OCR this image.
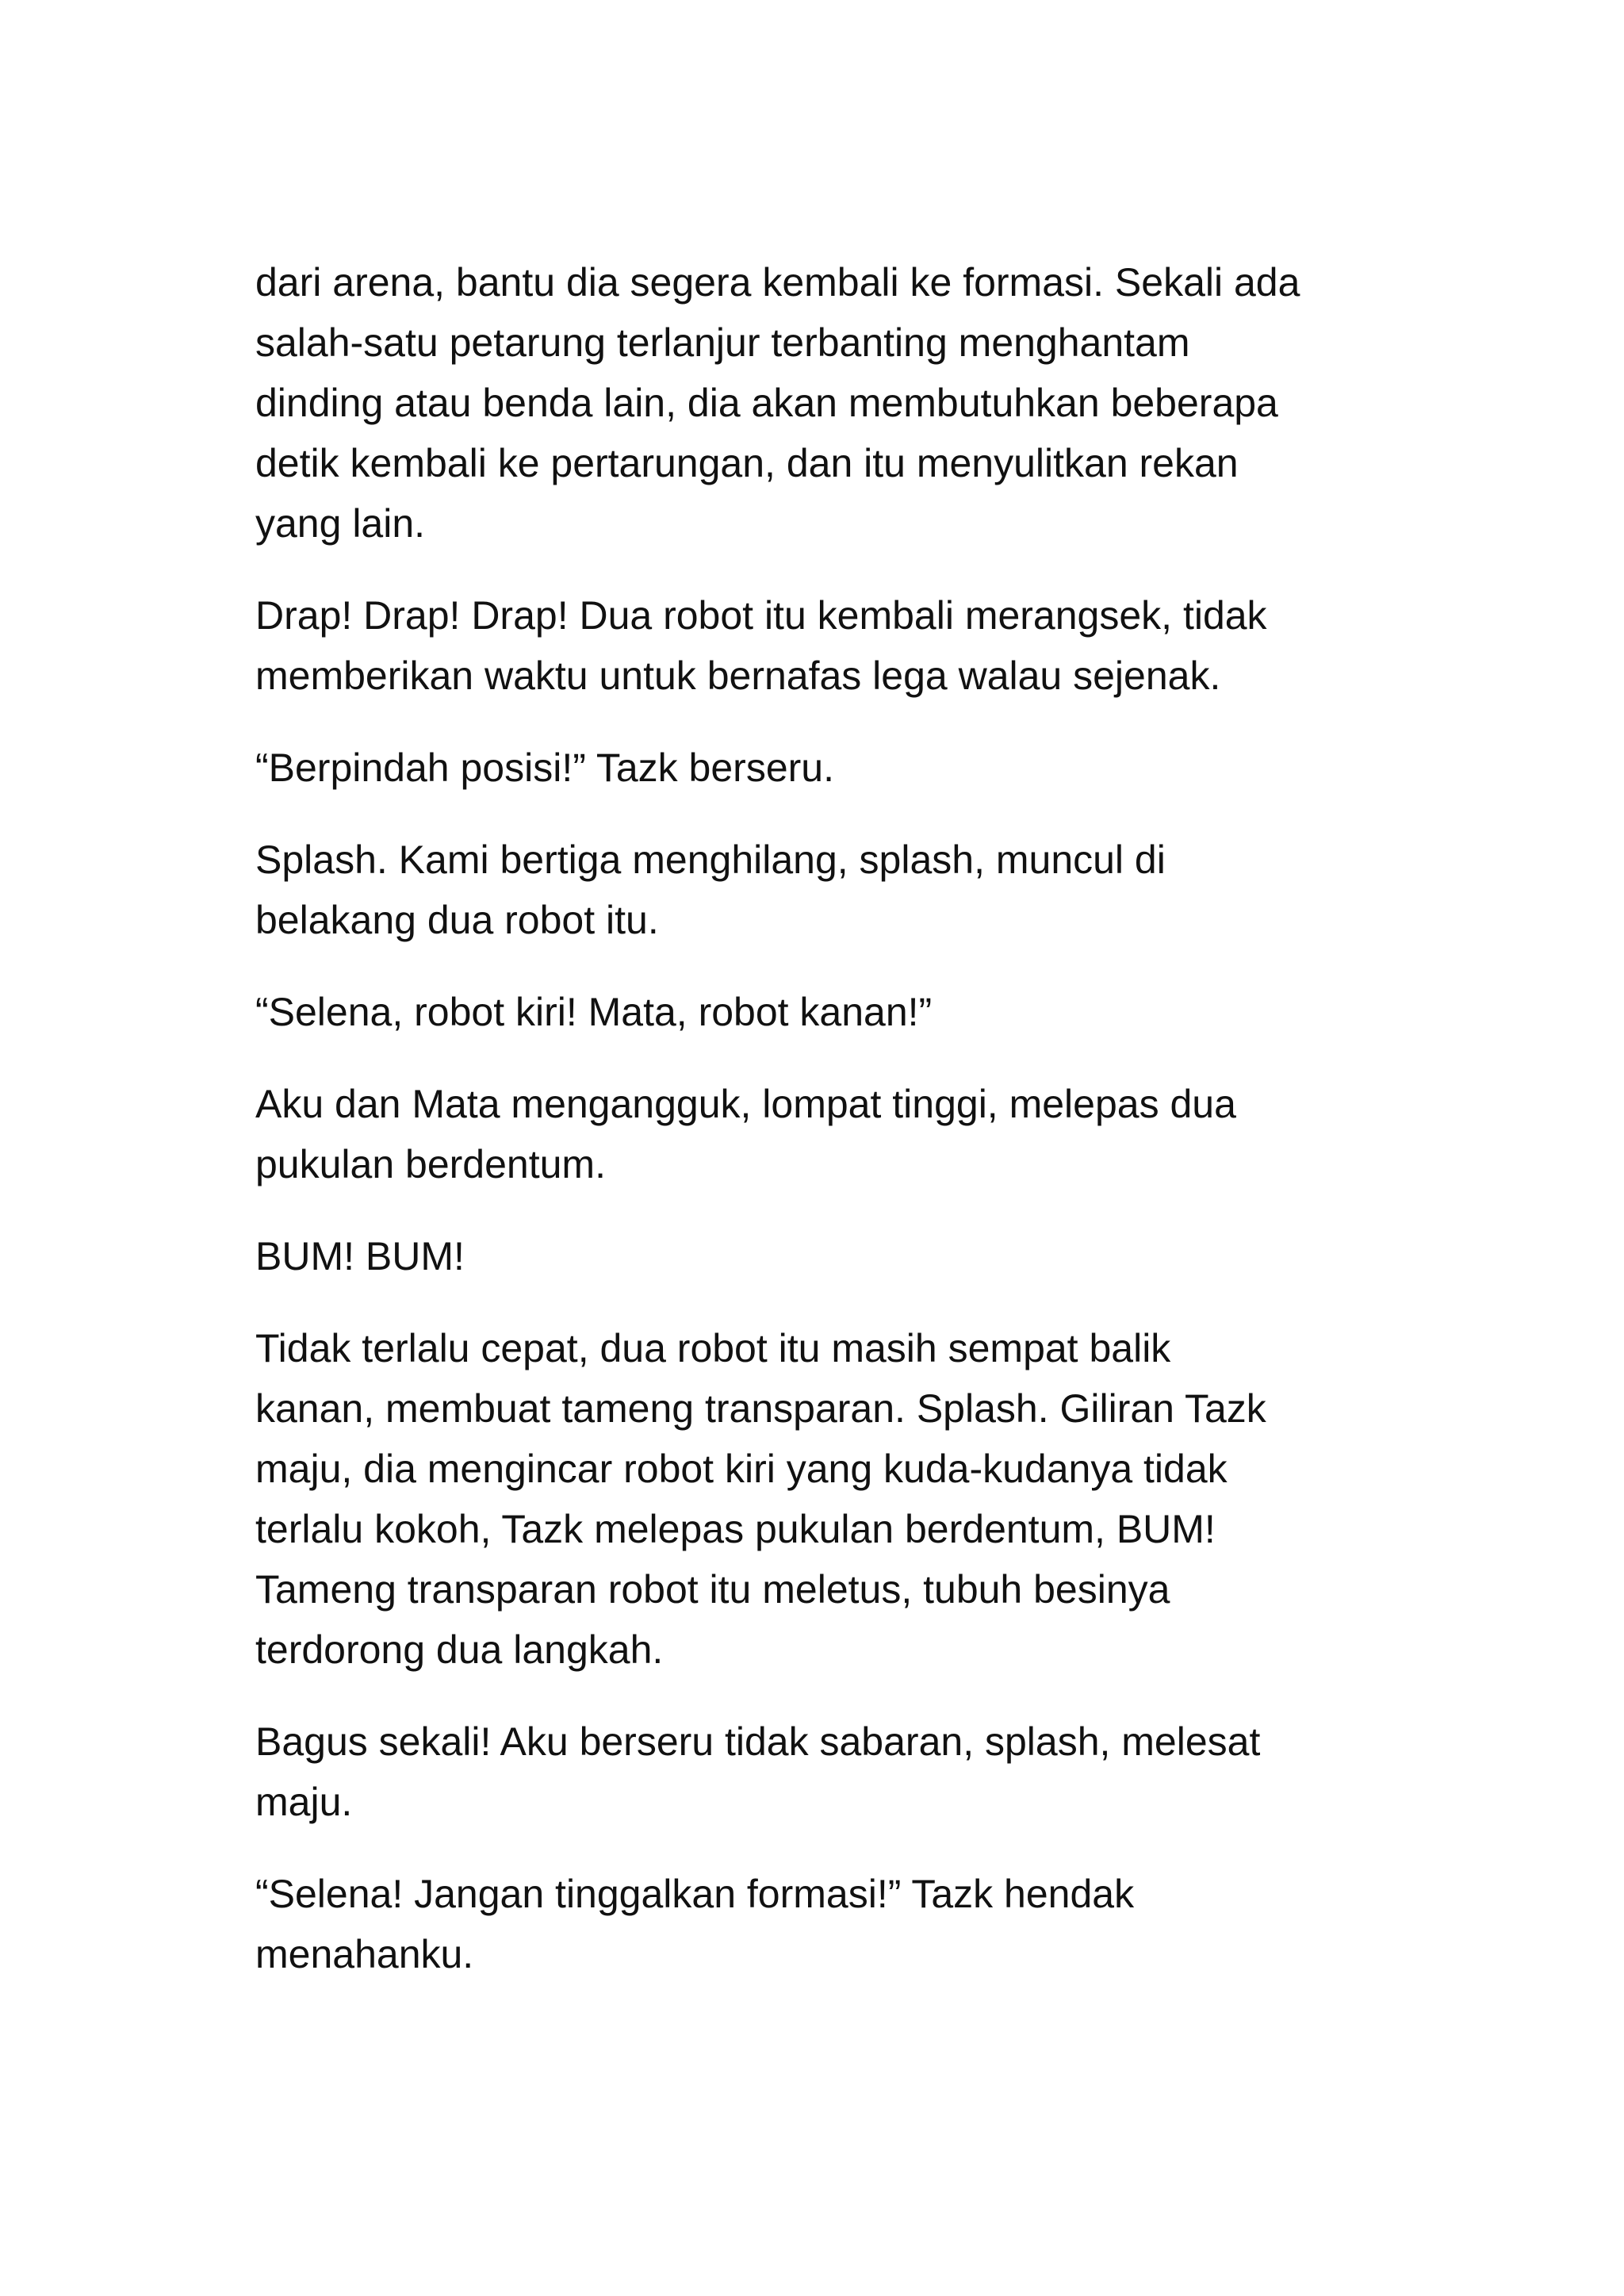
dari arena, bantu dia segera kembali ke formasi. Sekali ada
salah-satu petarung terlanjur terbanting menghantam
dinding atau benda lain, dia akan membutuhkan beberapa
detik kembali ke pertarungan, dan itu menyulitkan rekan
yang lain.

Drap! Drap! Drap! Dua robot itu kembali merangsek, tidak
memberikan waktu untuk bernafas lega walau sejenak.

“Berpindah posisi!” Tazk berseru.

Splash. Kami bertiga menghilang, splash, muncul di
belakang dua robot itu.

“Selena, robot kiri! Mata, robot kanan!”

Aku dan Mata mengangguk, lompat tinggi, melepas dua
pukulan berdentum.

BUM! BUM!

Tidak terlalu cepat, dua robot itu masih sempat balik
kanan, membuat tameng transparan. Splash. Giliran Tazk
maju, dia mengincar robot kiri yang kuda-kudanya tidak
terlalu kokoh, Tazk melepas pukulan berdentum, BUM!
Tameng transparan robot itu meletus, tubuh besinya
terdorong dua langkah.

Bagus sekali! Aku berseru tidak sabaran, splash, melesat
maju.

“Selena! Jangan tinggalkan formasi!” Tazk hendak
menahanku.
